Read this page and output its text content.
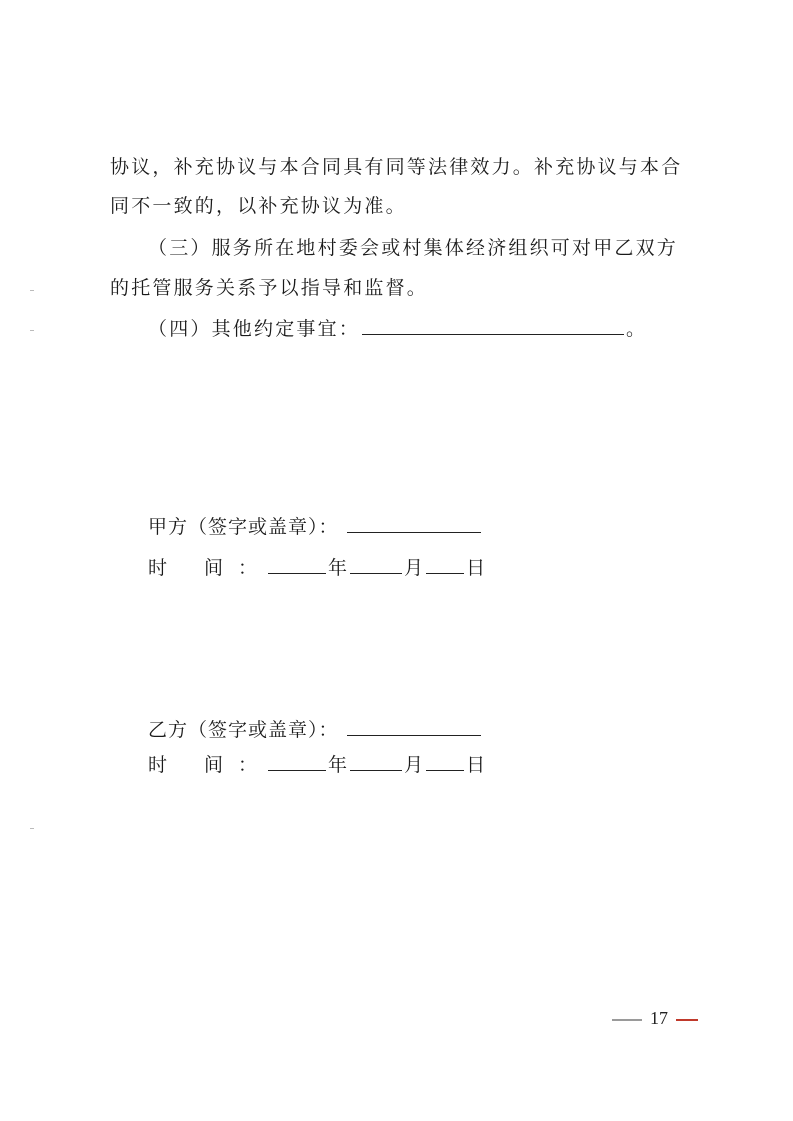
协议，补充协议与本合同具有同等法律效力。补充协议与本合
同不一致的，以补充协议为准。
（三）服务所在地村委会或村集体经济组织可对甲乙双方
的托管服务关系予以指导和监督。
（四）其他约定事宜：	。
甲方（签字或盖章）：
时 间 ：	年	月 日
乙方（签字或盖章）：
时 间 ：	年	月 日
17
